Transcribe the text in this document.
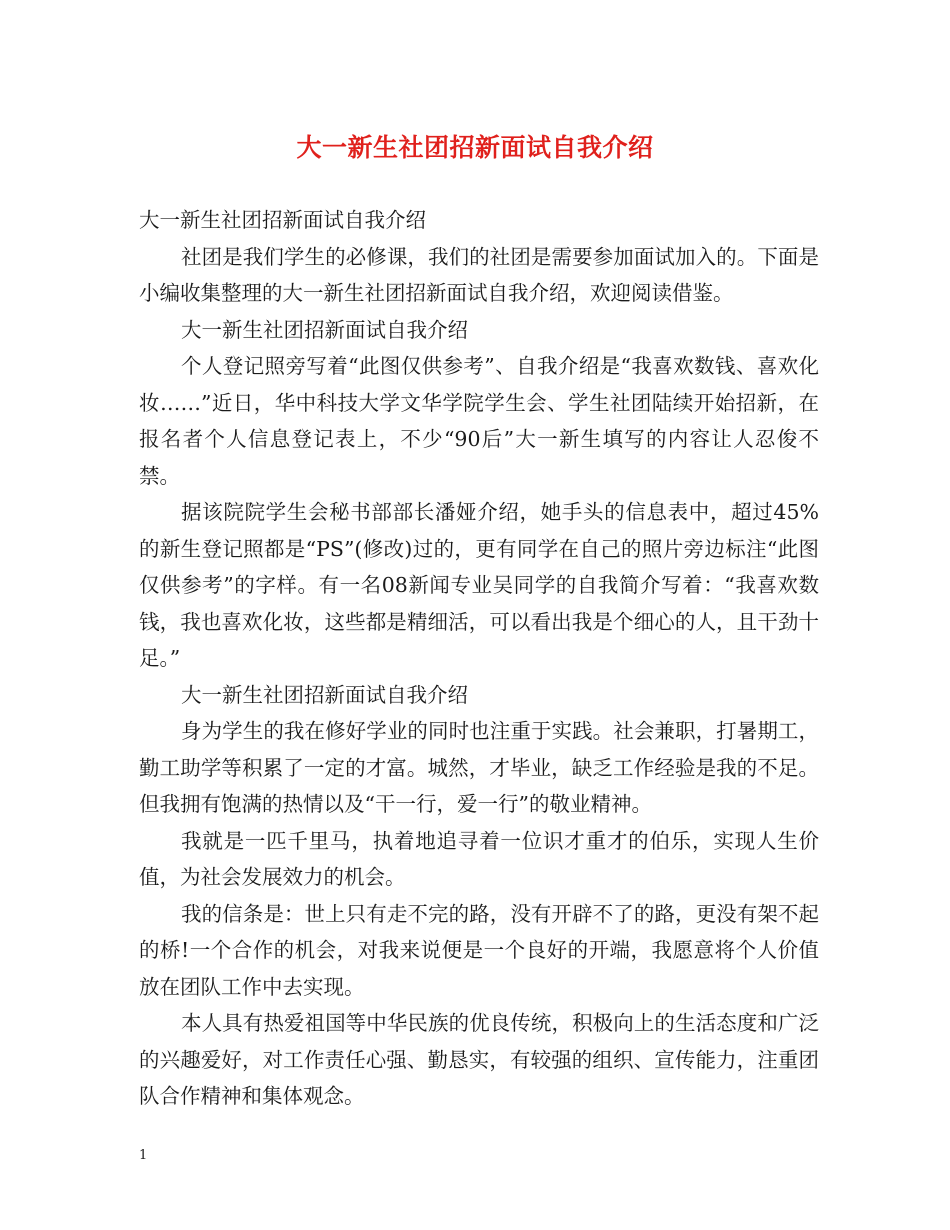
大一新生社团招新面试自我介绍

大一新生社团招新面试自我介绍

社团是我们学生的必修课，我们的社团是需要参加面试加入的。下面是小编收集整理的大一新生社团招新面试自我介绍，欢迎阅读借鉴。

大一新生社团招新面试自我介绍

个人登记照旁写着“此图仅供参考”、自我介绍是“我喜欢数钱、喜欢化妆……”近日，华中科技大学文华学院学生会、学生社团陆续开始招新，在报名者个人信息登记表上，不少“90后”大一新生填写的内容让人忍俊不禁。

据该院院学生会秘书部部长潘娅介绍，她手头的信息表中，超过45%的新生登记照都是“PS”(修改)过的，更有同学在自己的照片旁边标注“此图仅供参考”的字样。有一名08新闻专业吴同学的自我简介写着：“我喜欢数钱，我也喜欢化妆，这些都是精细活，可以看出我是个细心的人，且干劲十足。”

大一新生社团招新面试自我介绍

身为学生的我在修好学业的同时也注重于实践。社会兼职，打暑期工，勤工助学等积累了一定的才富。城然，才毕业，缺乏工作经验是我的不足。但我拥有饱满的热情以及“干一行，爱一行”的敬业精神。

我就是一匹千里马，执着地追寻着一位识才重才的伯乐，实现人生价值，为社会发展效力的机会。

我的信条是：世上只有走不完的路，没有开辟不了的路，更没有架不起的桥!一个合作的机会，对我来说便是一个良好的开端，我愿意将个人价值放在团队工作中去实现。

本人具有热爱祖国等中华民族的优良传统，积极向上的生活态度和广泛的兴趣爱好，对工作责任心强、勤恳实，有较强的组织、宣传能力，注重团队合作精神和集体观念。

1
